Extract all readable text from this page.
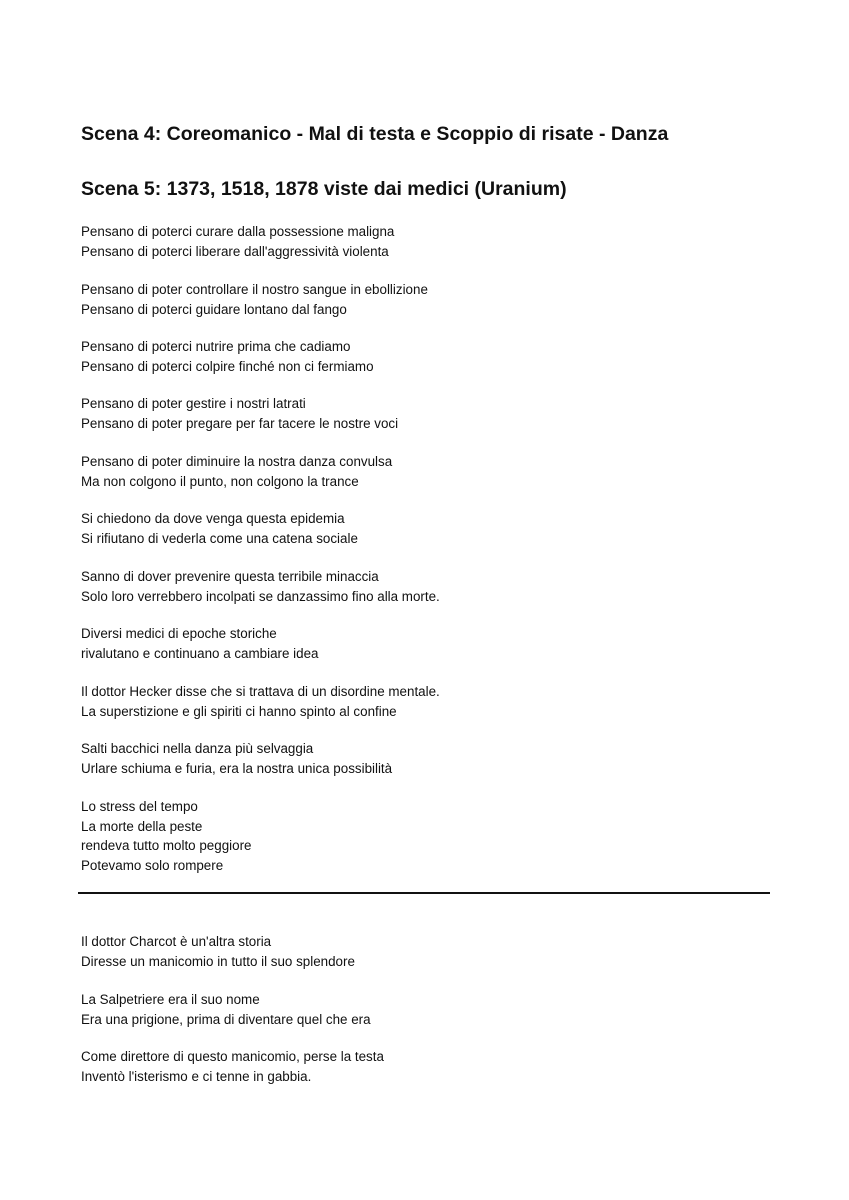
Scena 4: Coreomanico - Mal di testa e Scoppio di risate - Danza
Scena 5: 1373, 1518, 1878 viste dai medici (Uranium)

Pensano di poterci curare dalla possessione maligna
Pensano di poterci liberare dall'aggressività violenta

Pensano di poter controllare il nostro sangue in ebollizione
Pensano di poterci guidare lontano dal fango

Pensano di poterci nutrire prima che cadiamo
Pensano di poterci colpire finché non ci fermiamo

Pensano di poter gestire i nostri latrati
Pensano di poter pregare per far tacere le nostre voci

Pensano di poter diminuire la nostra danza convulsa
Ma non colgono il punto, non colgono la trance

Si chiedono da dove venga questa epidemia
Si rifiutano di vederla come una catena sociale

Sanno di dover prevenire questa terribile minaccia
Solo loro verrebbero incolpati se danzassimo fino alla morte.

Diversi medici di epoche storiche
rivalutano e continuano a cambiare idea

Il dottor Hecker disse che si trattava di un disordine mentale.
La superstizione e gli spiriti ci hanno spinto al confine

Salti bacchici nella danza più selvaggia
Urlare schiuma e furia, era la nostra unica possibilità

Lo stress del tempo
La morte della peste
rendeva tutto molto peggiore
Potevamo solo rompere

Il dottor Charcot è un'altra storia
Diresse un manicomio in tutto il suo splendore

La Salpetriere era il suo nome
Era una prigione, prima di diventare quel che era

Come direttore di questo manicomio, perse la testa
Inventò l'isterismo e ci tenne in gabbia.
